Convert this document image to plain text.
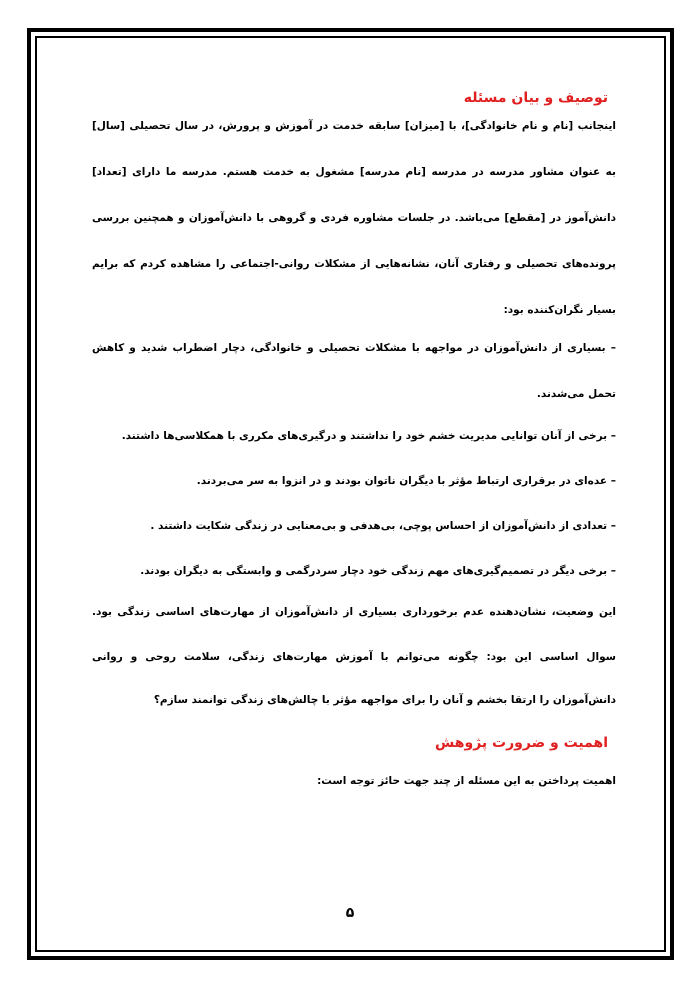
توصیف و بیان مسئله
اینجانب [نام و نام خانوادگی]، با [میزان] سابقه خدمت در آموزش و پرورش، در سال تحصیلی [سال]
به عنوان مشاور مدرسه در مدرسه [نام مدرسه] مشغول به خدمت هستم. مدرسه ما دارای [تعداد]
دانش‌آموز در [مقطع] می‌باشد. در جلسات مشاوره فردی و گروهی با دانش‌آموزان و همچنین بررسی
پرونده‌های تحصیلی و رفتاری آنان، نشانه‌هایی از مشکلات روانی-اجتماعی را مشاهده کردم که برایم
بسیار نگران‌کننده بود:
– بسیاری از دانش‌آموزان در مواجهه با مشکلات تحصیلی و خانوادگی، دچار اضطراب شدید و کاهش
تحمل می‌شدند.
– برخی از آنان توانایی مدیریت خشم خود را نداشتند و درگیری‌های مکرری با همکلاسی‌ها داشتند.
– عده‌ای در برقراری ارتباط مؤثر با دیگران ناتوان بودند و در انزوا به سر می‌بردند.
– تعدادی از دانش‌آموزان از احساس پوچی، بی‌هدفی و بی‌معنایی در زندگی شکایت داشتند .
– برخی دیگر در تصمیم‌گیری‌های مهم زندگی خود دچار سردرگمی و وابستگی به دیگران بودند.
این وضعیت، نشان‌دهنده عدم برخورداری بسیاری از دانش‌آموزان از مهارت‌های اساسی زندگی بود.
سوال اساسی این بود: چگونه می‌توانم با آموزش مهارت‌های زندگی، سلامت روحی و روانی
دانش‌آموزان را ارتقا بخشم و آنان را برای مواجهه مؤثر با چالش‌های زندگی توانمند سازم؟
اهمیت و ضرورت پژوهش
اهمیت پرداختن به این مسئله از چند جهت حائز توجه است:
۵
